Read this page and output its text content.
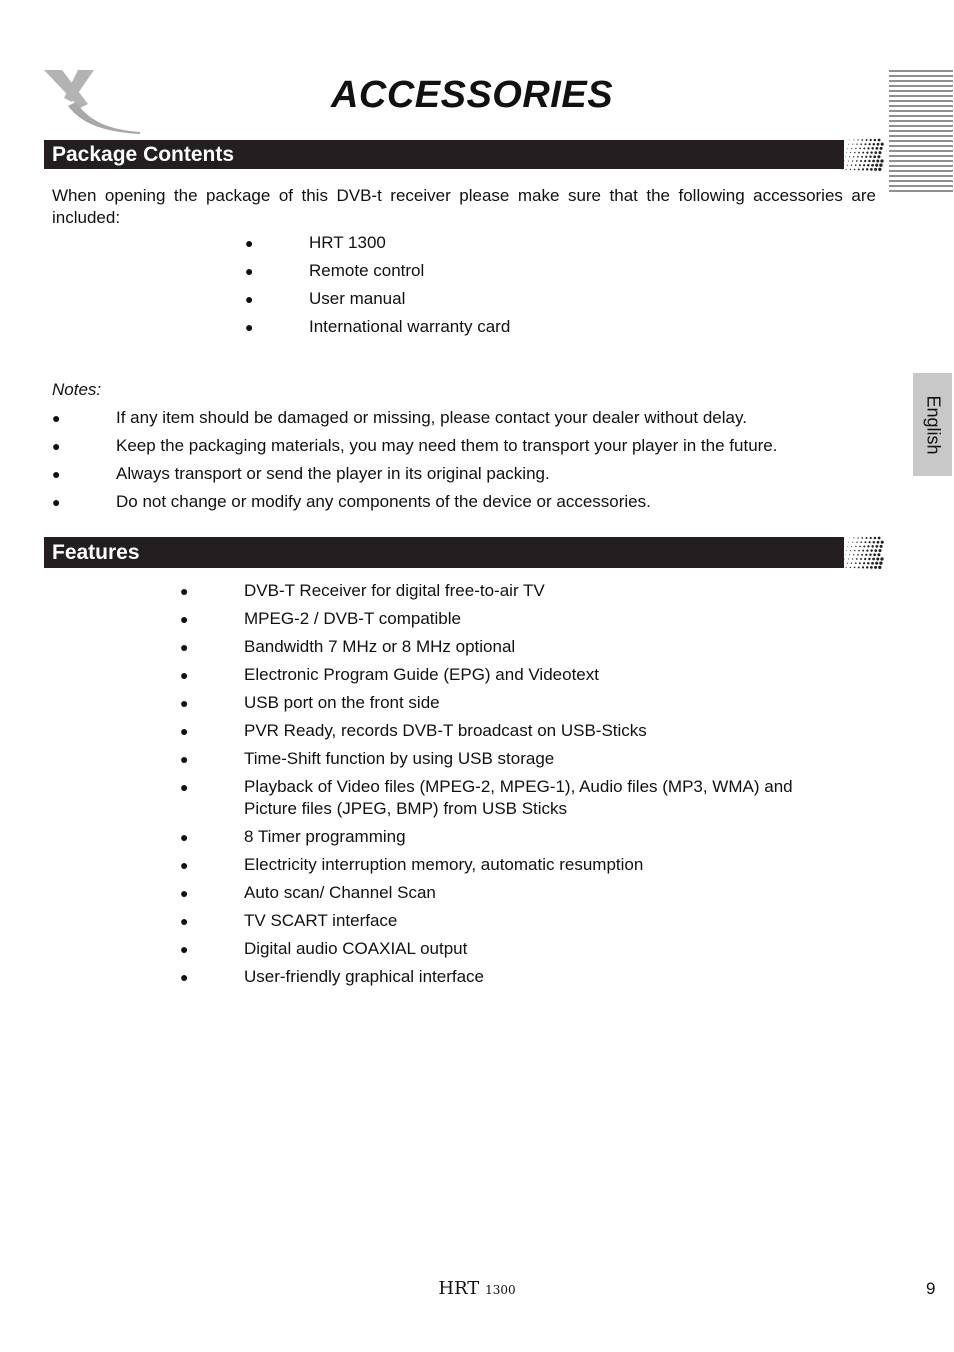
ACCESSORIES
English
Package Contents

When opening the package of this DVB-t receiver please make sure that the following accessories are included:

●	HRT 1300
●	Remote control
●	User manual
●	International warranty card

Notes:

●	If any item should be damaged or missing, please contact your dealer without delay.
●	Keep the packaging materials, you may need them to transport your player in the future.
●	Always transport or send the player in its original packing.
●	Do not change or modify any components of the device or accessories.
Features
●	DVB-T Receiver for digital free-to-air TV
●	MPEG-2 / DVB-T compatible
●	Bandwidth 7 MHz or 8 MHz optional
●	Electronic Program Guide (EPG) and Videotext
●	USB port on the front side
●	PVR Ready, records DVB-T broadcast on USB-Sticks
●	Time-Shift function by using USB storage
●	Playback of Video files (MPEG-2, MPEG-1), Audio files (MP3, WMA) and Picture files (JPEG, BMP) from USB Sticks
●	8 Timer programming
●	Electricity interruption memory, automatic resumption
●	Auto scan/ Channel Scan
●	TV SCART interface
●	Digital audio COAXIAL output
●	User-friendly graphical interface
HRT 1300	9
